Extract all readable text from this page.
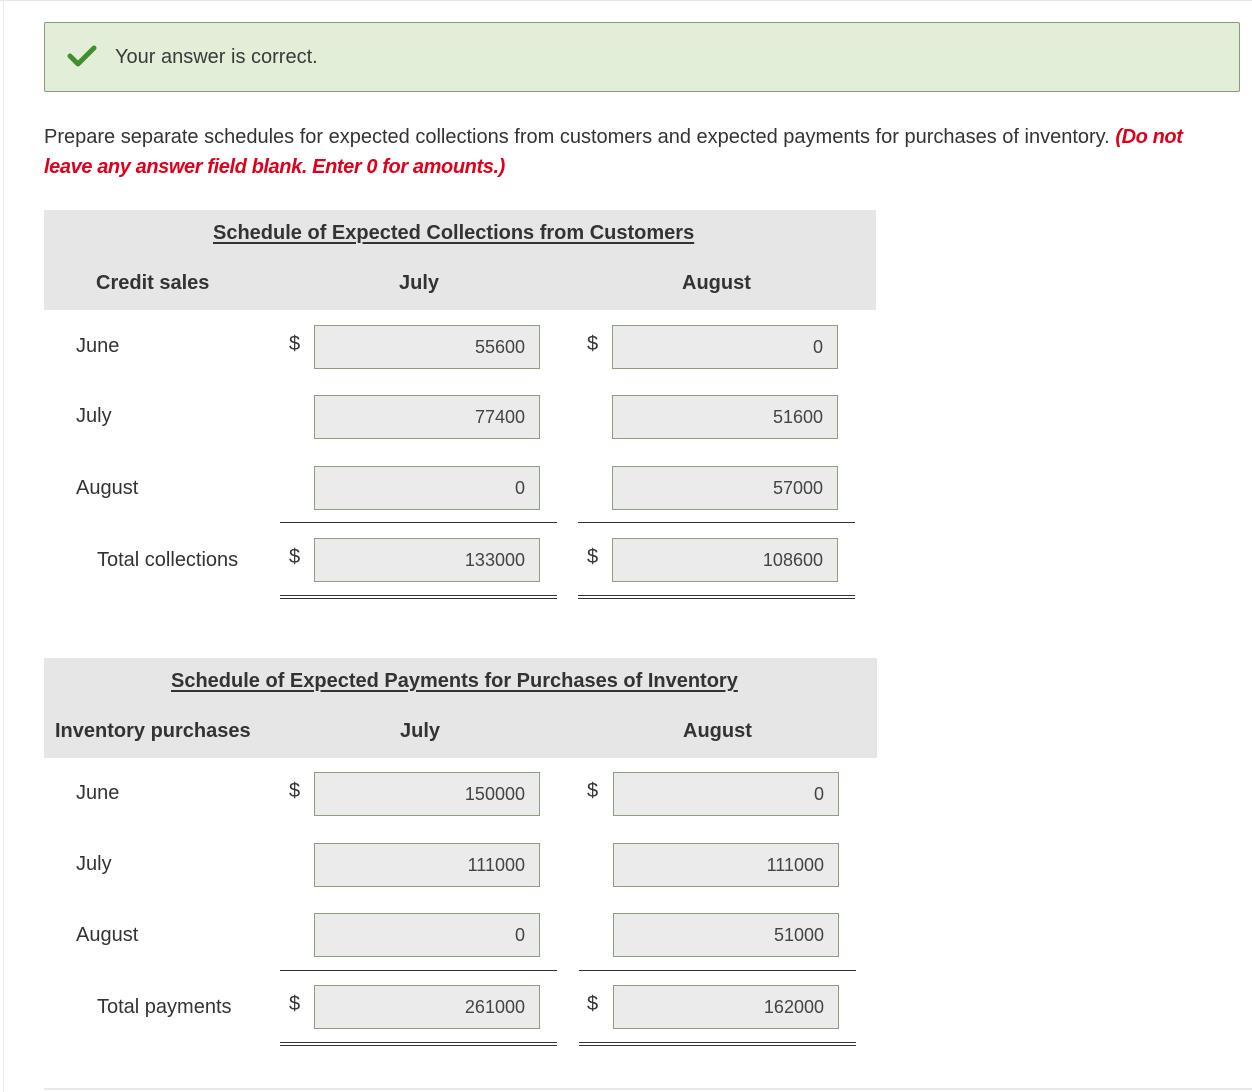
Your answer is correct.
Prepare separate schedules for expected collections from customers and expected payments for purchases of inventory. (Do not leave any answer field blank. Enter 0 for amounts.)
Schedule of Expected Collections from Customers
Credit sales	July	August
June	$	55600	$	0
July	77400	51600
August	0	57000
Total collections	$	133000	$	108600
Schedule of Expected Payments for Purchases of Inventory
Inventory purchases	July	August
June	$	150000	$	0
July	111000	111000
August	0	51000
Total payments	$	261000	$	162000
